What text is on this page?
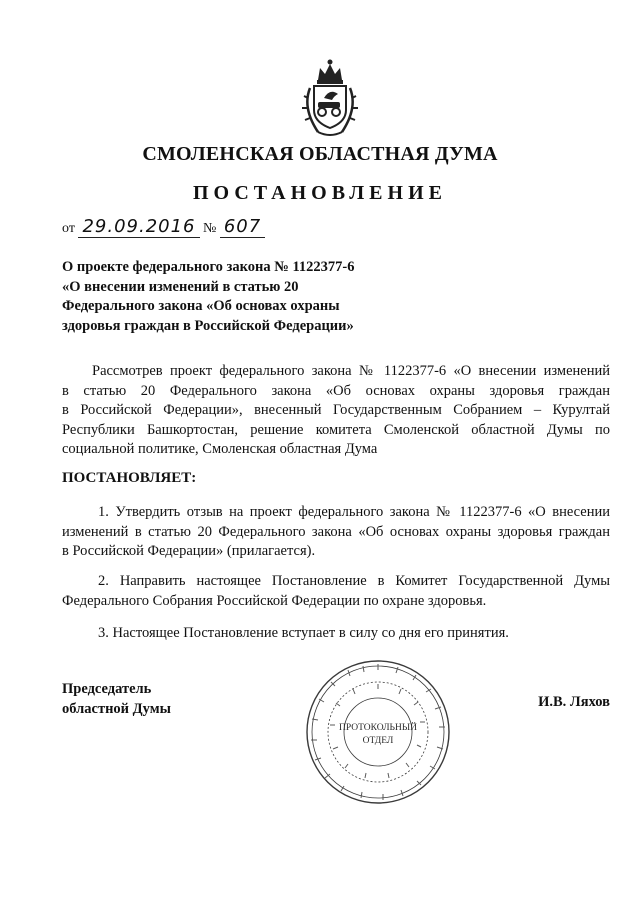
СМОЛЕНСКАЯ ОБЛАСТНАЯ ДУМА
ПОСТАНОВЛЕНИЕ
от 29.09.2016 № 607
О проекте федерального закона № 1122377-6
«О внесении изменений в статью 20
Федерального закона «Об основах охраны
здоровья граждан в Российской Федерации»
Рассмотрев проект федерального закона № 1122377-6 «О внесении изменений
в статью 20 Федерального закона «Об основах охраны здоровья граждан
в Российской Федерации», внесенный Государственным Собранием – Курултай
Республики Башкортостан, решение комитета Смоленской областной Думы по
социальной политике, Смоленская областная Дума
ПОСТАНОВЛЯЕТ:
1. Утвердить отзыв на проект федерального закона № 1122377-6 «О внесении
изменений в статью 20 Федерального закона «Об основах охраны здоровья граждан
в Российской Федерации» (прилагается).
2. Направить настоящее Постановление в Комитет Государственной Думы
Федерального Собрания Российской Федерации по охране здоровья.
3. Настоящее Постановление вступает в силу со дня его принятия.
Председатель
областной Думы
ПРОТОКОЛЬНЫЙ
ОТДЕЛ
И.В. Ляхов
